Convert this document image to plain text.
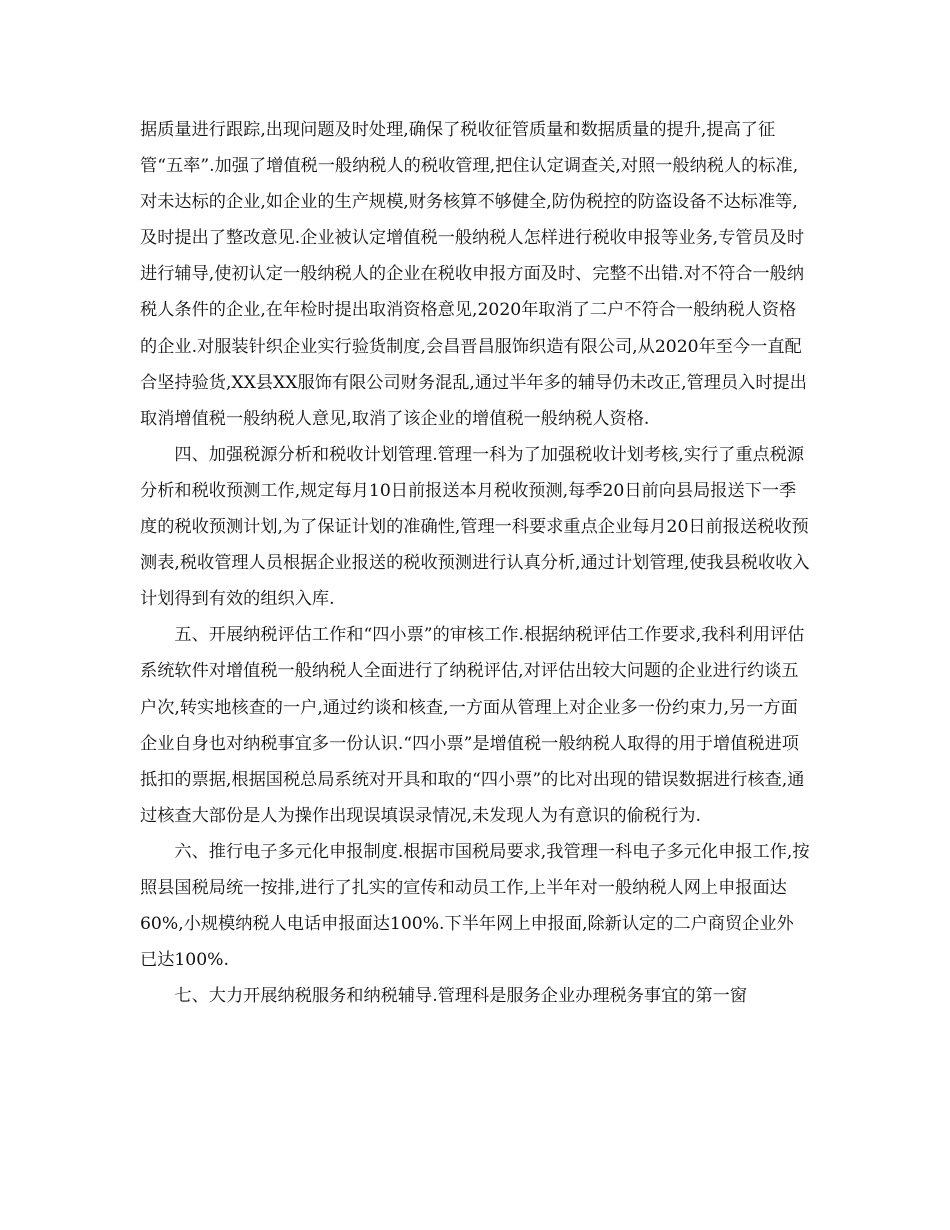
据质量进行跟踪,出现问题及时处理,确保了税收征管质量和数据质量的提升,提高了征管“五率”.加强了增值税一般纳税人的税收管理,把住认定调查关,对照一般纳税人的标准,对未达标的企业,如企业的生产规模,财务核算不够健全,防伪税控的防盗设备不达标准等,及时提出了整改意见.企业被认定增值税一般纳税人怎样进行税收申报等业务,专管员及时进行辅导,使初认定一般纳税人的企业在税收申报方面及时、完整不出错.对不符合一般纳税人条件的企业,在年检时提出取消资格意见,2020年取消了二户不符合一般纳税人资格的企业.对服装针织企业实行验货制度,会昌晋昌服饰织造有限公司,从2020年至今一直配合坚持验货,XX县XX服饰有限公司财务混乱,通过半年多的辅导仍未改正,管理员入时提出取消增值税一般纳税人意见,取消了该企业的增值税一般纳税人资格.

四、加强税源分析和税收计划管理.管理一科为了加强税收计划考核,实行了重点税源分析和税收预测工作,规定每月10日前报送本月税收预测,每季20日前向县局报送下一季度的税收预测计划,为了保证计划的准确性,管理一科要求重点企业每月20日前报送税收预测表,税收管理人员根据企业报送的税收预测进行认真分析,通过计划管理,使我县税收收入计划得到有效的组织入库.

五、开展纳税评估工作和“四小票”的审核工作.根据纳税评估工作要求,我科利用评估系统软件对增值税一般纳税人全面进行了纳税评估,对评估出较大问题的企业进行约谈五户次,转实地核查的一户,通过约谈和核查,一方面从管理上对企业多一份约束力,另一方面企业自身也对纳税事宜多一份认识.“四小票”是增值税一般纳税人取得的用于增值税进项抵扣的票据,根据国税总局系统对开具和取的“四小票”的比对出现的错误数据进行核查,通过核查大部份是人为操作出现误填误录情况,未发现人为有意识的偷税行为.

六、推行电子多元化申报制度.根据市国税局要求,我管理一科电子多元化申报工作,按照县国税局统一按排,进行了扎实的宣传和动员工作,上半年对一般纳税人网上申报面达60%,小规模纳税人电话申报面达100%.下半年网上申报面,除新认定的二户商贸企业外已达100%.

七、大力开展纳税服务和纳税辅导.管理科是服务企业办理税务事宜的第一窗
